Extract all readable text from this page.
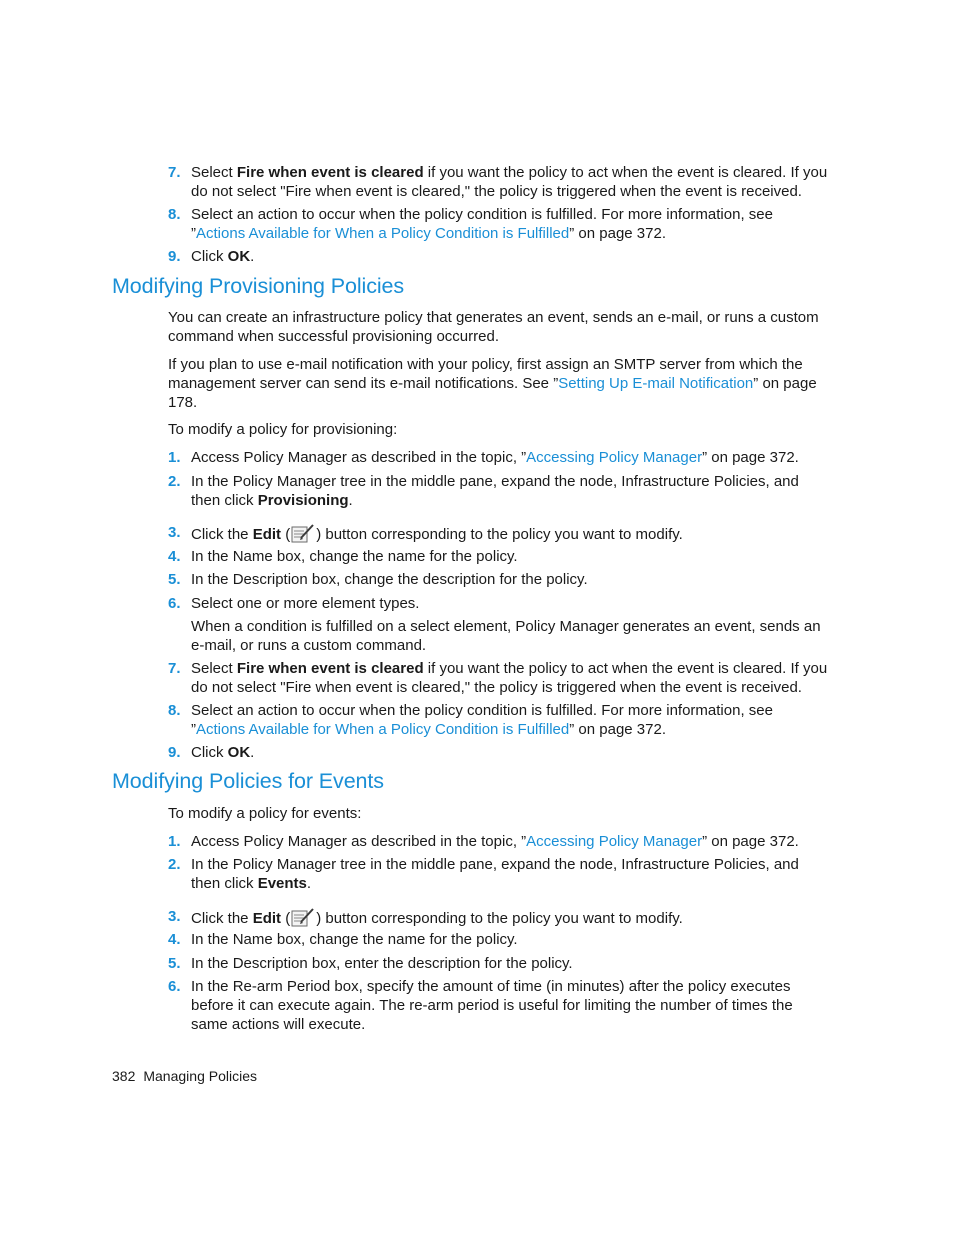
7. Select Fire when event is cleared if you want the policy to act when the event is cleared. If you do not select "Fire when event is cleared," the policy is triggered when the event is received.
8. Select an action to occur when the policy condition is fulfilled. For more information, see ”Actions Available for When a Policy Condition is Fulfilled” on page 372.
9. Click OK.
Modifying Provisioning Policies

You can create an infrastructure policy that generates an event, sends an e-mail, or runs a custom command when successful provisioning occurred.

If you plan to use e-mail notification with your policy, first assign an SMTP server from which the management server can send its e-mail notifications. See ”Setting Up E-mail Notification” on page 178.

To modify a policy for provisioning:

1. Access Policy Manager as described in the topic, ”Accessing Policy Manager” on page 372.
2. In the Policy Manager tree in the middle pane, expand the node, Infrastructure Policies, and then click Provisioning.
3. Click the Edit ( ) button corresponding to the policy you want to modify.
4. In the Name box, change the name for the policy.
5. In the Description box, change the description for the policy.
6. Select one or more element types.
When a condition is fulfilled on a select element, Policy Manager generates an event, sends an e-mail, or runs a custom command.
7. Select Fire when event is cleared if you want the policy to act when the event is cleared. If you do not select "Fire when event is cleared," the policy is triggered when the event is received.
8. Select an action to occur when the policy condition is fulfilled. For more information, see ”Actions Available for When a Policy Condition is Fulfilled” on page 372.
9. Click OK.
Modifying Policies for Events

To modify a policy for events:

1. Access Policy Manager as described in the topic, ”Accessing Policy Manager” on page 372.
2. In the Policy Manager tree in the middle pane, expand the node, Infrastructure Policies, and then click Events.
3. Click the Edit ( ) button corresponding to the policy you want to modify.
4. In the Name box, change the name for the policy.
5. In the Description box, enter the description for the policy.
6. In the Re-arm Period box, specify the amount of time (in minutes) after the policy executes before it can execute again. The re-arm period is useful for limiting the number of times the same actions will execute.
382 Managing Policies
